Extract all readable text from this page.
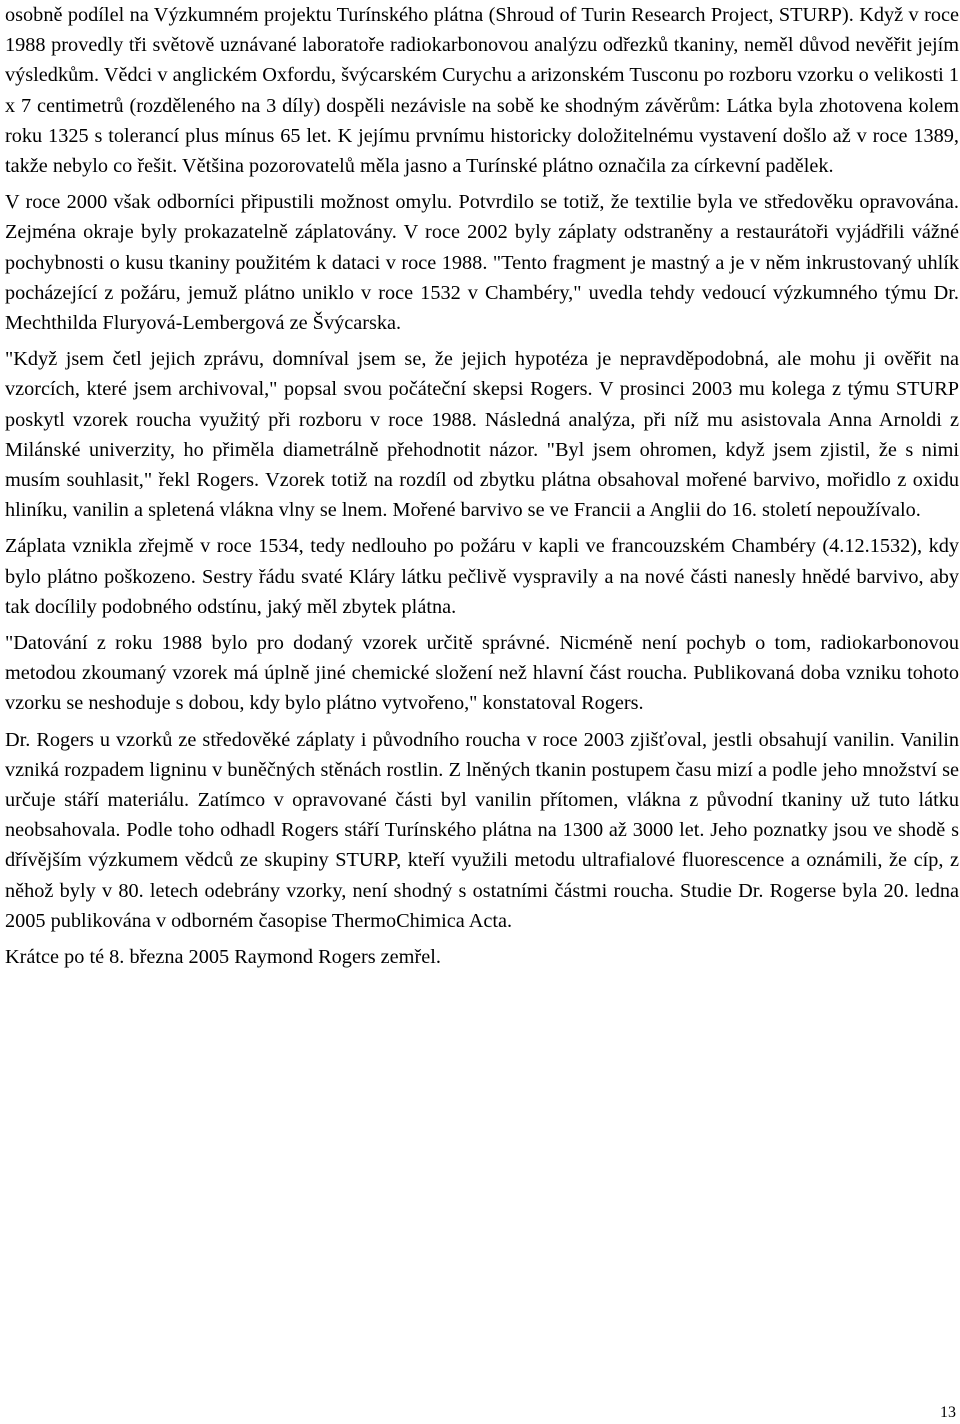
osobně podílel na Výzkumném projektu Turínského plátna (Shroud of Turin Research Project, STURP). Když v roce 1988 provedly tři světově uznávané laboratoře radiokarbonovou analýzu odřezků tkaniny, neměl důvod nevěřit jejím výsledkům. Vědci v anglickém Oxfordu, švýcarském Curychu a arizonském Tusconu po rozboru vzorku o velikosti 1 x 7 centimetrů (rozděleného na 3 díly) dospěli nezávisle na sobě ke shodným závěrům: Látka byla zhotovena kolem roku 1325 s tolerancí plus mínus 65 let. K jejímu prvnímu historicky doložitelnému vystavení došlo až v roce 1389, takže nebylo co řešit. Většina pozorovatelů měla jasno a Turínské plátno označila za církevní padělek.

V roce 2000 však odborníci připustili možnost omylu. Potvrdilo se totiž, že textilie byla ve středověku opravována. Zejména okraje byly prokazatelně záplatovány. V roce 2002 byly záplaty odstraněny a restaurátoři vyjádřili vážné pochybnosti o kusu tkaniny použitém k dataci v roce 1988. "Tento fragment je mastný a je v něm inkrustovaný uhlík pocházející z požáru, jemuž plátno uniklo v roce 1532 v Chambéry," uvedla tehdy vedoucí výzkumného týmu Dr. Mechthilda Fluryová-Lembergová ze Švýcarska.

"Když jsem četl jejich zprávu, domníval jsem se, že jejich hypotéza je nepravděpodobná, ale mohu ji ověřit na vzorcích, které jsem archivoval," popsal svou počáteční skepsi Rogers. V prosinci 2003 mu kolega z týmu STURP poskytl vzorek roucha využitý při rozboru v roce 1988. Následná analýza, při níž mu asistovala Anna Arnoldi z Milánské univerzity, ho přiměla diametrálně přehodnotit názor. "Byl jsem ohromen, když jsem zjistil, že s nimi musím souhlasit," řekl Rogers. Vzorek totiž na rozdíl od zbytku plátna obsahoval mořené barvivo, mořidlo z oxidu hliníku, vanilin a spletená vlákna vlny se lnem. Mořené barvivo se ve Francii a Anglii do 16. století nepoužívalo.

Záplata vznikla zřejmě v roce 1534, tedy nedlouho po požáru v kapli ve francouzském Chambéry (4.12.1532), kdy bylo plátno poškozeno. Sestry řádu svaté Kláry látku pečlivě vyspravily a na nové části nanesly hnědé barvivo, aby tak docílily podobného odstínu, jaký měl zbytek plátna.

"Datování z roku 1988 bylo pro dodaný vzorek určitě správné. Nicméně není pochyb o tom, radiokarbonovou metodou zkoumaný vzorek má úplně jiné chemické složení než hlavní část roucha. Publikovaná doba vzniku tohoto vzorku se neshoduje s dobou, kdy bylo plátno vytvořeno," konstatoval Rogers.

Dr. Rogers u vzorků ze středověké záplaty i původního roucha v roce 2003 zjišťoval, jestli obsahují vanilin. Vanilin vzniká rozpadem ligninu v buněčných stěnách rostlin. Z lněných tkanin postupem času mizí a podle jeho množství se určuje stáří materiálu. Zatímco v opravované části byl vanilin přítomen, vlákna z původní tkaniny už tuto látku neobsahovala. Podle toho odhadl Rogers stáří Turínského plátna na 1300 až 3000 let. Jeho poznatky jsou ve shodě s dřívějším výzkumem vědců ze skupiny STURP, kteří využili metodu ultrafialové fluorescence a oznámili, že cíp, z něhož byly v 80. letech odebrány vzorky, není shodný s ostatními částmi roucha. Studie Dr. Rogerse byla 20. ledna 2005 publikována v odborném časopise ThermoChimica Acta.

Krátce po té 8. března 2005 Raymond Rogers zemřel.

13
